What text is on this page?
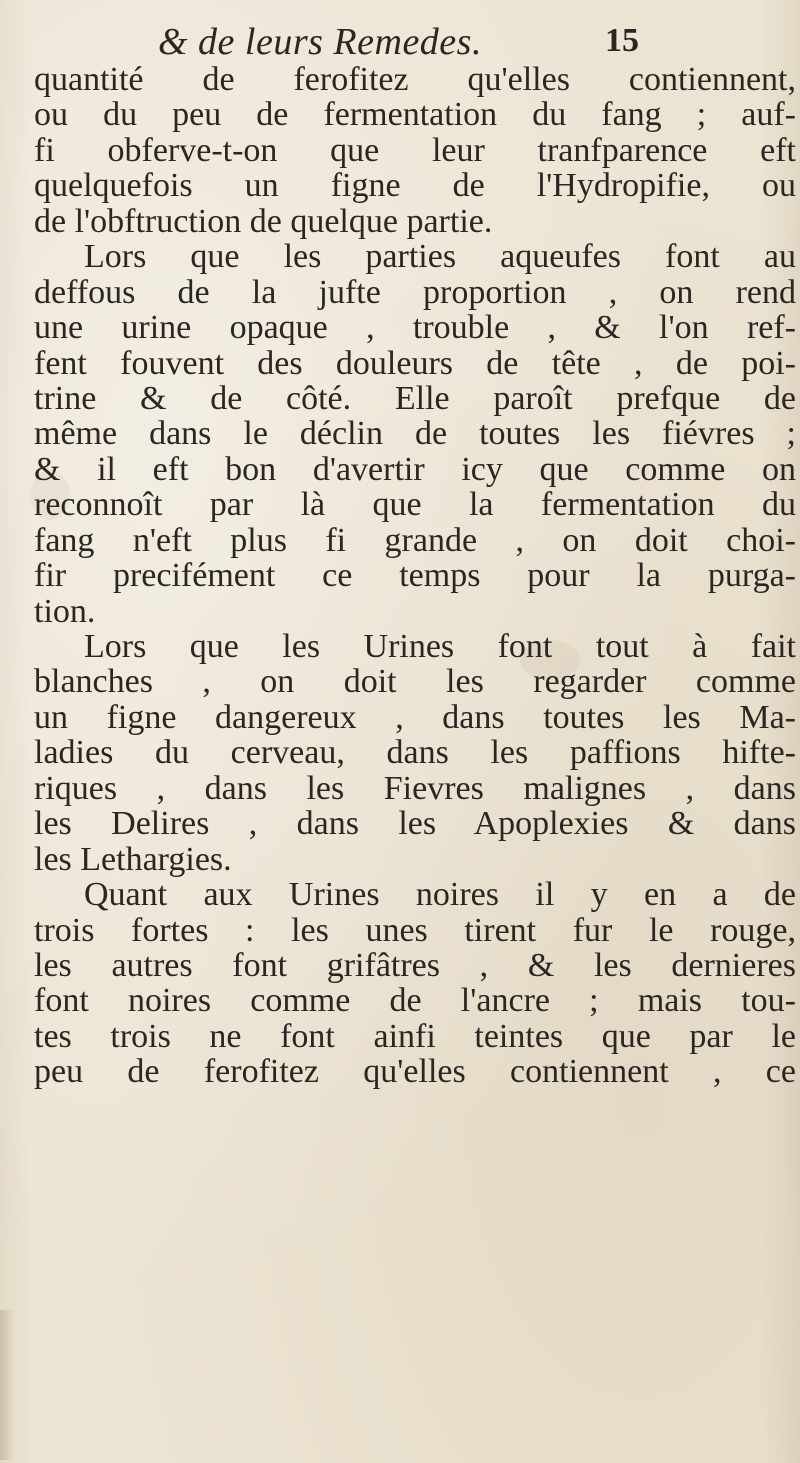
& de leurs Remedes.	15
quantité de ferofitez qu'elles contiennent,
ou du peu de fermentation du fang ; auf-
fi obferve-t-on que leur tranfparence eft
quelquefois un figne de l'Hydropifie, ou
de l'obftruction de quelque partie.
Lors que les parties aqueufes font au
deffous de la jufte proportion , on rend
une urine opaque , trouble , & l'on ref-
fent fouvent des douleurs de tête , de poi-
trine & de côté. Elle paroît prefque de
même dans le déclin de toutes les fiévres ;
& il eft bon d'avertir icy que comme on
reconnoît par là que la fermentation du
fang n'eft plus fi grande , on doit choi-
fir precifément ce temps pour la purga-
tion.
Lors que les Urines font tout à fait
blanches , on doit les regarder comme
un figne dangereux , dans toutes les Ma-
ladies du cerveau, dans les paffions hifte-
riques , dans les Fievres malignes , dans
les Delires , dans les Apoplexies & dans
les Lethargies.
Quant aux Urines noires il y en a de
trois fortes : les unes tirent fur le rouge,
les autres font grifâtres , & les dernieres
font noires comme de l'ancre ; mais tou-
tes trois ne font ainfi teintes que par le
peu de ferofitez qu'elles contiennent , ce
